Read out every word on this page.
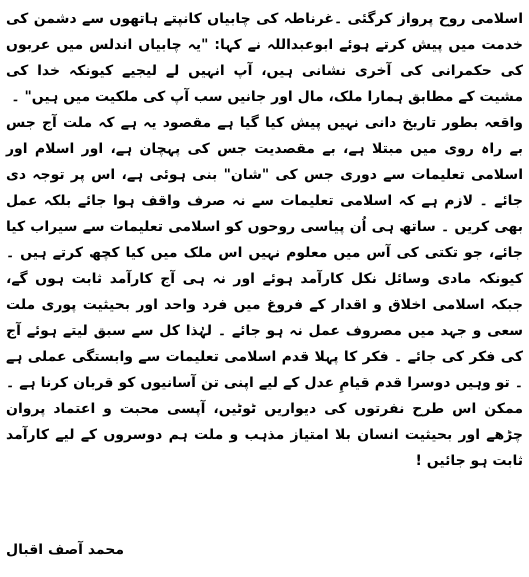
اسلامی روح پرواز کرگئی ۔غرناطہ کی چابیاں کانپتے ہاتھوں سے دشمن کی خدمت میں پیش کرتے ہوئے ابوعبداللہ نے کہا: "یہ چابیاں اندلس میں عربوں کی حکمرانی کی آخری نشانی ہیں، آپ انہیں لے لیجیے کیونکہ خدا کی مشیت کے مطابق ہمارا ملک، مال اور جانیں سب آپ کی ملکیت میں ہیں" ۔
واقعہ بطور تاریخ دانی نہیں پیش کیا گیا ہے مقصود یہ ہے کہ ملت آج جس بے راہ روی میں مبتلا ہے، بے مقصدیت جس کی پہچان ہے، اور اسلام اور اسلامی تعلیمات سے دوری جس کی "شان" بنی ہوئی ہے، اس پر توجہ دی جائے ۔ لازم ہے کہ اسلامی تعلیمات سے نہ صرف واقف ہوا جائے بلکہ عمل بھی کریں ۔ ساتھ ہی اُن پیاسی روحوں کو اسلامی تعلیمات سے سیراب کیا جائے، جو تکتی کی آس میں معلوم نہیں اس ملک میں کیا کچھ کرتے ہیں ۔ کیونکہ مادی وسائل نکل کارآمد ہوئے اور نہ ہی آج کارآمد ثابت ہوں گے، جبکہ اسلامی اخلاق و اقدار کے فروغ میں فرد واحد اور بحیثیت پوری ملت سعی و جہد میں مصروف عمل نہ ہو جائے ۔ لہٰذا کل سے سبق لیتے ہوئے آج کی فکر کی جائے ۔ فکر کا پہلا قدم اسلامی تعلیمات سے وابستگی عملی ہے ۔ تو وہیں دوسرا قدم قیامِ عدل کے لیے اپنی تن آسانیوں کو قربان کرنا ہے ۔ ممکن اس طرح نفرتوں کی دیواریں ٹوٹیں، آپسی محبت و اعتماد پروان چڑھے اور بحیثیت انسان بلا امتیاز مذہب و ملت ہم دوسروں کے لیے کارآمد ثابت ہو جائیں !
محمد آصف اقبال
